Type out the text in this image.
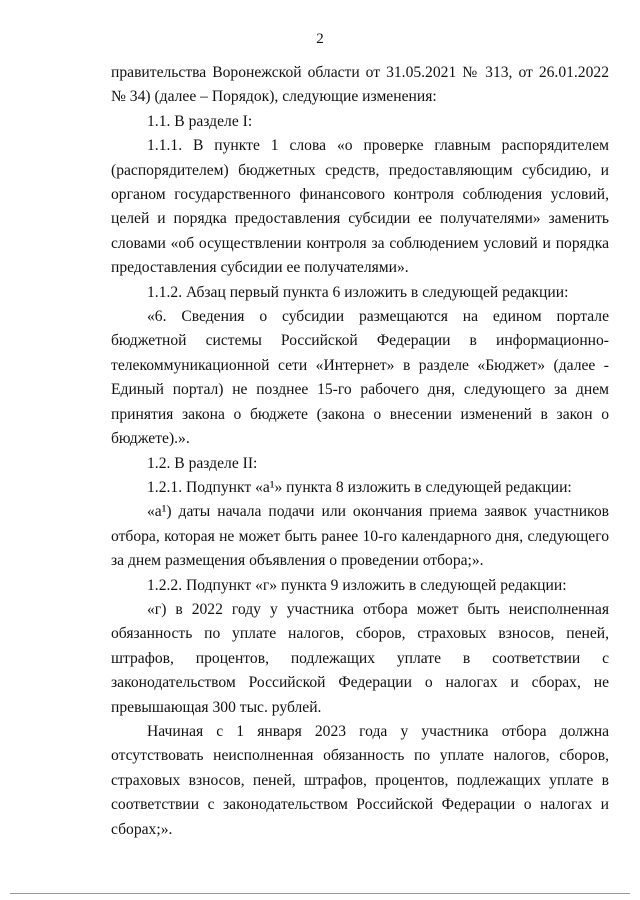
2

правительства Воронежской области от 31.05.2021 № 313, от 26.01.2022 № 34) (далее – Порядок), следующие изменения:

1.1. В разделе I:

1.1.1. В пункте 1 слова «о проверке главным распорядителем (распорядителем) бюджетных средств, предоставляющим субсидию, и органом государственного финансового контроля соблюдения условий, целей и порядка предоставления субсидии ее получателями» заменить словами «об осуществлении контроля за соблюдением условий и порядка предоставления субсидии ее получателями».

1.1.2. Абзац первый пункта 6 изложить в следующей редакции:

«6. Сведения о субсидии размещаются на едином портале бюджетной системы Российской Федерации в информационно-телекоммуникационной сети «Интернет» в разделе «Бюджет» (далее - Единый портал) не позднее 15-го рабочего дня, следующего за днем принятия закона о бюджете (закона о внесении изменений в закон о бюджете).».

1.2. В разделе II:

1.2.1. Подпункт «а¹» пункта 8 изложить в следующей редакции:

«а¹) даты начала подачи или окончания приема заявок участников отбора, которая не может быть ранее 10-го календарного дня, следующего за днем размещения объявления о проведении отбора;».

1.2.2. Подпункт «г» пункта 9 изложить в следующей редакции:

«г) в 2022 году у участника отбора может быть неисполненная обязанность по уплате налогов, сборов, страховых взносов, пеней, штрафов, процентов, подлежащих уплате в соответствии с законодательством Российской Федерации о налогах и сборах, не превышающая 300 тыс. рублей.

Начиная с 1 января 2023 года у участника отбора должна отсутствовать неисполненная обязанность по уплате налогов, сборов, страховых взносов, пеней, штрафов, процентов, подлежащих уплате в соответствии с законодательством Российской Федерации о налогах и сборах;».
